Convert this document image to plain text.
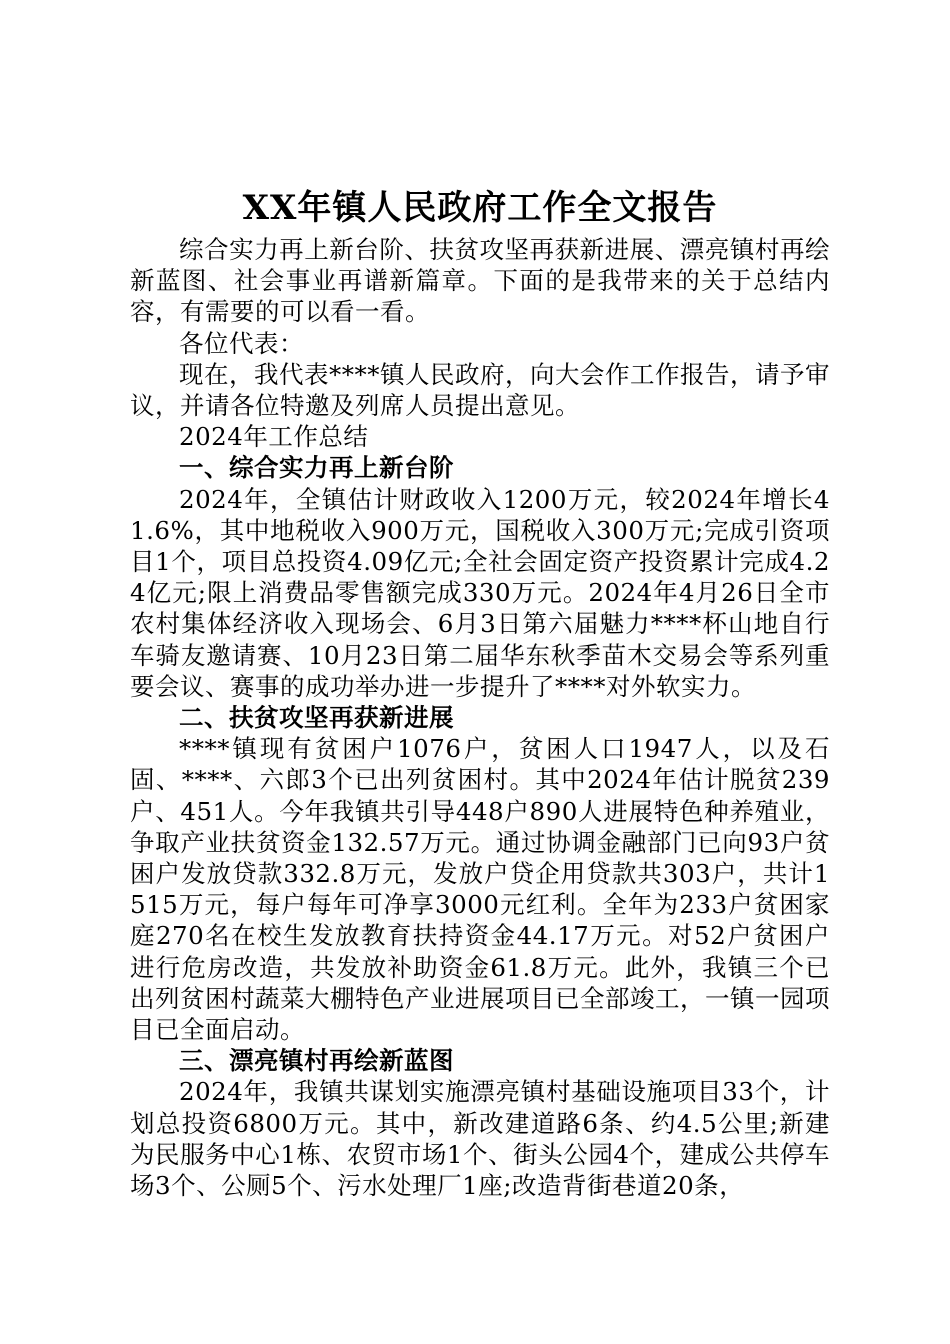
XX年镇人民政府工作全文报告

综合实力再上新台阶、扶贫攻坚再获新进展、漂亮镇村再绘新蓝图、社会事业再谱新篇章。下面的是我带来的关于总结内容，有需要的可以看一看。

各位代表：

现在，我代表****镇人民政府，向大会作工作报告，请予审议，并请各位特邀及列席人员提出意见。

2024年工作总结

一、综合实力再上新台阶

2024年，全镇估计财政收入1200万元，较2024年增长41.6%，其中地税收入900万元，国税收入300万元;完成引资项目1个，项目总投资4.09亿元;全社会固定资产投资累计完成4.24亿元;限上消费品零售额完成330万元。2024年4月26日全市农村集体经济收入现场会、6月3日第六届魅力****杯山地自行车骑友邀请赛、10月23日第二届华东秋季苗木交易会等系列重要会议、赛事的成功举办进一步提升了****对外软实力。

二、扶贫攻坚再获新进展

****镇现有贫困户1076户，贫困人口1947人，以及石固、****、六郎3个已出列贫困村。其中2024年估计脱贫239户、451人。今年我镇共引导448户890人进展特色种养殖业，争取产业扶贫资金132.57万元。通过协调金融部门已向93户贫困户发放贷款332.8万元，发放户贷企用贷款共303户，共计1515万元，每户每年可净享3000元红利。全年为233户贫困家庭270名在校生发放教育扶持资金44.17万元。对52户贫困户进行危房改造，共发放补助资金61.8万元。此外，我镇三个已出列贫困村蔬菜大棚特色产业进展项目已全部竣工，一镇一园项目已全面启动。

三、漂亮镇村再绘新蓝图

2024年，我镇共谋划实施漂亮镇村基础设施项目33个，计划总投资6800万元。其中，新改建道路6条、约4.5公里;新建为民服务中心1栋、农贸市场1个、街头公园4个，建成公共停车场3个、公厕5个、污水处理厂1座;改造背街巷道20条，
